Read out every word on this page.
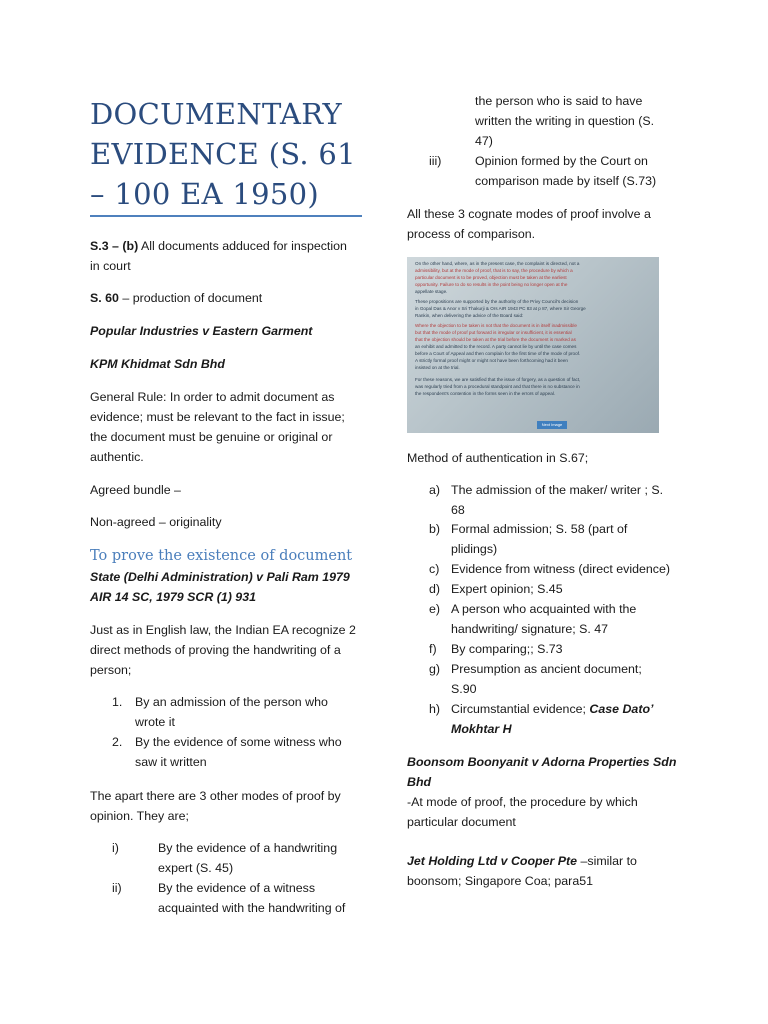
DOCUMENTARY EVIDENCE (S. 61 – 100 EA 1950)

S.3 – (b) All documents adduced for inspection

in court

S. 60 – production of document

Popular Industries v Eastern Garment

KPM Khidmat Sdn Bhd

General Rule: In order to admit document as

evidence; must be relevant to the fact in issue;

the document must be genuine or original or

authentic.

Agreed bundle –

Non-agreed – originality

To prove the existence of document

State (Delhi Administration) v Pali Ram 1979

AIR 14 SC, 1979 SCR (1) 931

Just as in English law, the Indian EA recognize 2

direct methods of proving the handwriting of a

person;

1. By an admission of the person who
wrote it
2. By the evidence of some witness who
saw it written

The apart there are 3 other modes of proof by

opinion. They are;

i)	By the evidence of a handwriting
expert (S. 45)
ii)	By the evidence of a witness
acquainted with the handwriting of

the person who is said to have

written the writing in question (S.

47)

iii)	Opinion formed by the Court on
comparison made by itself (S.73)

All these 3 cognate modes of proof involve a

process of comparison.

Method of authentication in S.67;

a) The admission of the maker/ writer ; S.
68
b) Formal admission; S. 58 (part of
plidings)
c) Evidence from witness (direct evidence)
d) Expert opinion; S.45
e) A person who acquainted with the
handwriting/ signature; S. 47
f) By comparing;; S.73
g) Presumption as ancient document;
S.90
h) Circumstantial evidence; Case Dato’
Mokhtar H

Boonsom Boonyanit v Adorna Properties Sdn

Bhd

-At mode of proof, the procedure by which

particular document

Jet Holding Ltd v Cooper Pte –similar to

boonsom; Singapore Coa; para51

On the other hand, where, as in the present case, the complaint is directed, not a
admissibility, but at the mode of proof, that is to say, the procedure by which a
particular document is to be proved, objection must be taken at the earliest
opportunity. Failure to do so results in the point being no longer open at the
appellate stage.
These propositions are supported by the authority of the Privy Council's decision
in Gopal Das & Anor v Sri Thakurji & Ors AIR 1943 PC 83 at p 87, where Sir George
Rankin, when delivering the advice of the Board said:
Where the objection to be taken is not that the document is in itself inadmissible
but that the mode of proof put forward is irregular or insufficient, it is essential
that the objection should be taken at the trial before the document is marked as
an exhibit and admitted to the record. A party cannot lie by until the case comes
before a Court of Appeal and then complain for the first time of the mode of proof.
A strictly formal proof might or might not have been forthcoming had it been
insisted on at the trial.
For these reasons, we are satisfied that the issue of forgery, as a question of fact,
was regularly tried from a procedural standpoint and that there is no substance in
the respondent's contention in the forms seen in the errors of appeal.
Next Image
